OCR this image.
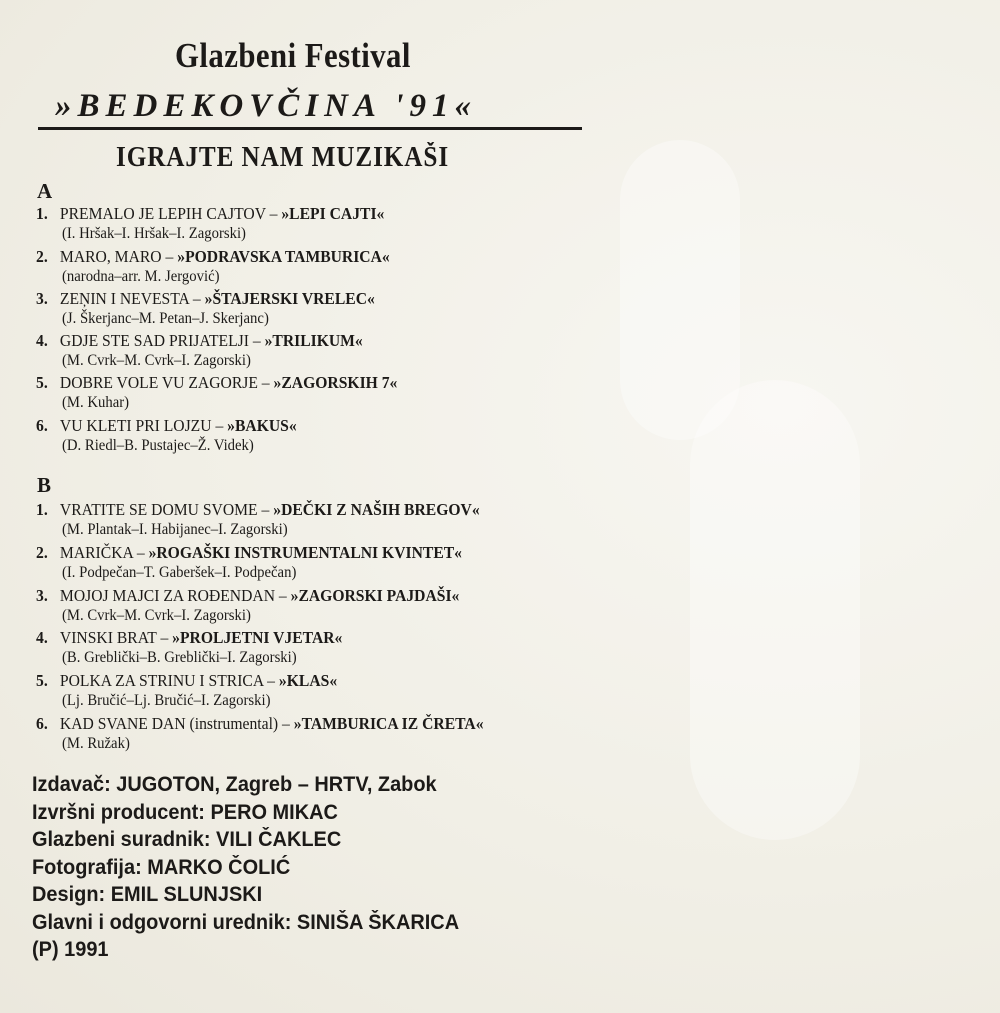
Glazbeni Festival
»BEDEKOVČINA '91«
IGRAJTE NAM MUZIKAŠI
A
1. PREMALO JE LEPIH CAJTOV – »LEPI CAJTI«
(I. Hršak–I. Hršak–I. Zagorski)
2. MARO, MARO – »PODRAVSKA TAMBURICA«
(narodna–arr. M. Jergović)
3. ZEŅIN I NEVESTA – »ŠTAJERSKI VRELEC«
(J. Škerjanc–M. Petan–J. Skerjanc)
4. GDJE STE SAD PRIJATELJI – »TRILIKUM«
(M. Cvrk–M. Cvrk–I. Zagorski)
5. DOBRE VOLE VU ZAGORJE – »ZAGORSKIH 7«
(M. Kuhar)
6. VU KLETI PRI LOJZU – »BAKUS«
(D. Riedl–B. Pustajec–Ž. Videk)
B
1. VRATITE SE DOMU SVOME – »DEČKI Z NAŠIH BREGOV«
(M. Plantak–I. Habijanec–I. Zagorski)
2. MARIČKA – »ROGAŠKI INSTRUMENTALNI KVINTET«
(I. Podpečan–T. Gaberšek–I. Podpečan)
3. MOJOJ MAJCI ZA ROĐENDAN – »ZAGORSKI PAJDAŠI«
(M. Cvrk–M. Cvrk–I. Zagorski)
4. VINSKI BRAT – »PROLJETNI VJETAR«
(B. Greblički–B. Greblički–I. Zagorski)
5. POLKA ZA STRINU I STRICA – »KLAS«
(Lj. Bručić–Lj. Bručić–I. Zagorski)
6. KAD SVANE DAN (instrumental) – »TAMBURICA IZ ČRETA«
(M. Ružak)
Izdavač: JUGOTON, Zagreb – HRTV, Zabok
Izvršni producent: PERO MIKAC
Glazbeni suradnik: VILI ČAKLEC
Fotografija: MARKO ČOLIĆ
Design: EMIL SLUNJSKI
Glavni i odgovorni urednik: SINIŠA ŠKARICA
(P) 1991
